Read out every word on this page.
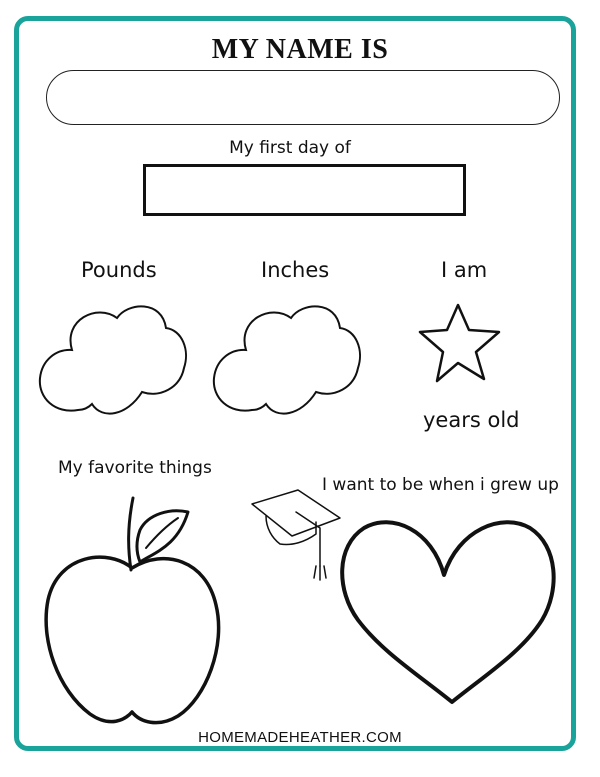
MY NAME IS
My first day of
Pounds	Inches	I am
years old
My favorite things
I want to be when i grew up
HOMEMADEHEATHER.COM
